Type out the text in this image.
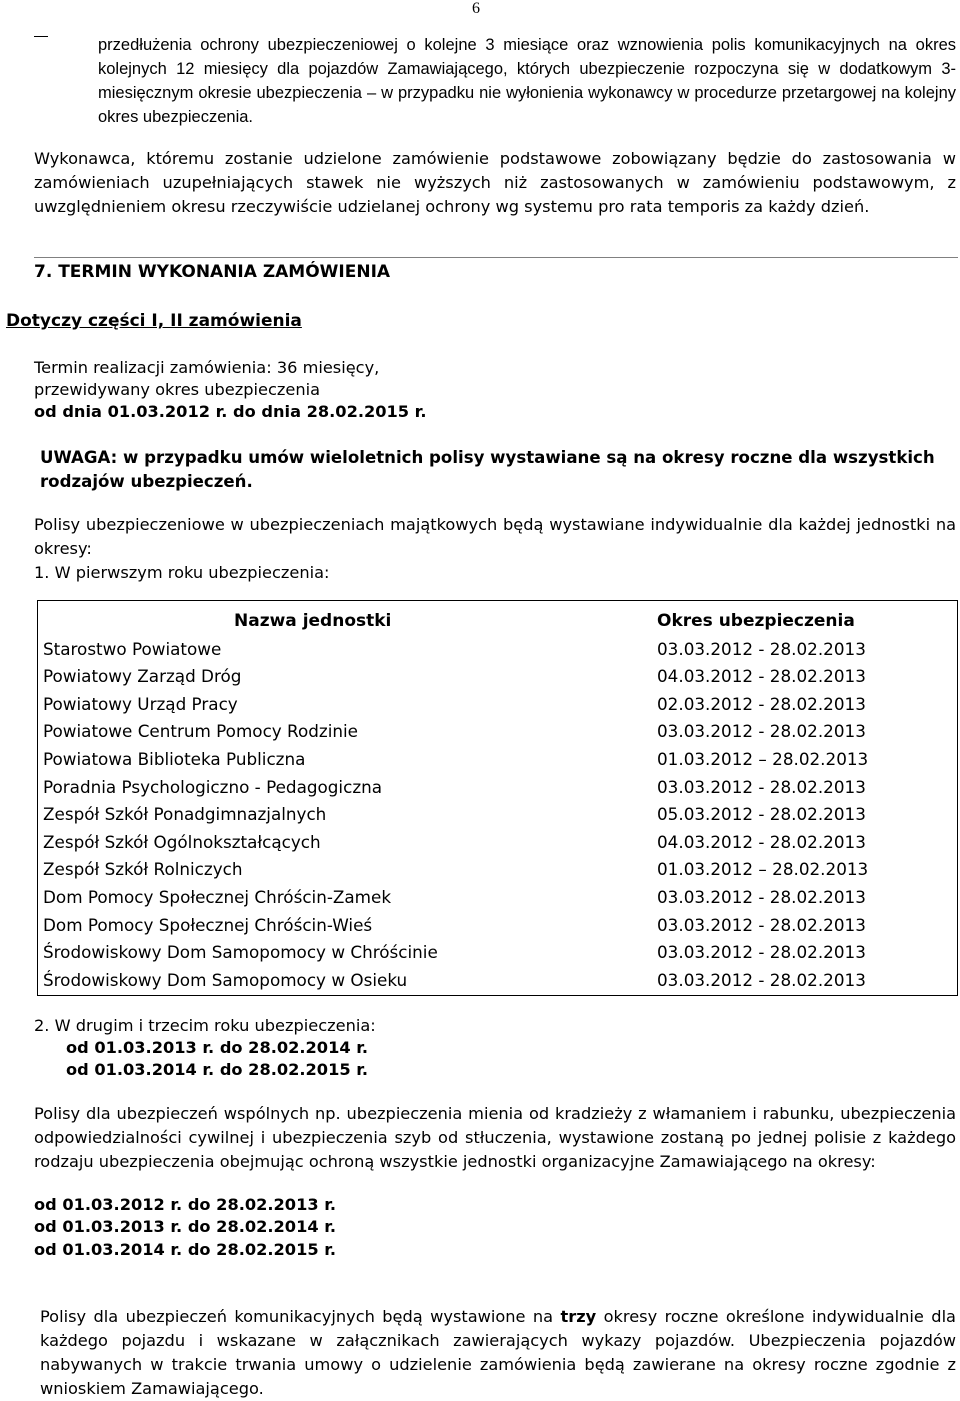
6
przedłużenia ochrony ubezpieczeniowej o kolejne 3 miesiące oraz wznowienia polis komunikacyjnych na okres kolejnych 12 miesięcy dla pojazdów Zamawiającego, których ubezpieczenie rozpoczyna się w dodatkowym 3-miesięcznym okresie ubezpieczenia – w przypadku nie wyłonienia wykonawcy w procedurze przetargowej na kolejny okres ubezpieczenia.
Wykonawca, któremu zostanie udzielone zamówienie podstawowe zobowiązany będzie do zastosowania w zamówieniach uzupełniających stawek nie wyższych niż zastosowanych w zamówieniu podstawowym, z uwzględnieniem okresu rzeczywiście udzielanej ochrony wg systemu pro rata temporis za każdy dzień.
7. TERMIN WYKONANIA ZAMÓWIENIA
Dotyczy części I, II zamówienia
Termin realizacji zamówienia: 36 miesięcy,
przewidywany okres ubezpieczenia
od dnia 01.03.2012 r. do dnia 28.02.2015 r.
UWAGA: w przypadku umów wieloletnich polisy wystawiane są na okresy roczne dla wszystkich rodzajów ubezpieczeń.
Polisy ubezpieczeniowe w ubezpieczeniach majątkowych będą wystawiane indywidualnie dla każdej jednostki na okresy:
1. W pierwszym roku ubezpieczenia:
Nazwa jednostki	Okres ubezpieczenia
Starostwo Powiatowe	03.03.2012 - 28.02.2013
Powiatowy Zarząd Dróg	04.03.2012 - 28.02.2013
Powiatowy Urząd Pracy	02.03.2012 - 28.02.2013
Powiatowe Centrum Pomocy Rodzinie	03.03.2012 - 28.02.2013
Powiatowa Biblioteka Publiczna	01.03.2012 – 28.02.2013
Poradnia Psychologiczno - Pedagogiczna	03.03.2012 - 28.02.2013
Zespół Szkół Ponadgimnazjalnych	05.03.2012 - 28.02.2013
Zespół Szkół Ogólnokształcących	04.03.2012 - 28.02.2013
Zespół Szkół Rolniczych	01.03.2012 – 28.02.2013
Dom Pomocy Społecznej Chróścin-Zamek	03.03.2012 - 28.02.2013
Dom Pomocy Społecznej Chróścin-Wieś	03.03.2012 - 28.02.2013
Środowiskowy Dom Samopomocy w Chróścinie	03.03.2012 - 28.02.2013
Środowiskowy Dom Samopomocy w Osieku	03.03.2012 - 28.02.2013
2. W drugim i trzecim roku ubezpieczenia:
od 01.03.2013 r. do 28.02.2014 r.
od 01.03.2014 r. do 28.02.2015 r.
Polisy dla ubezpieczeń wspólnych np. ubezpieczenia mienia od kradzieży z włamaniem i rabunku, ubezpieczenia odpowiedzialności cywilnej i ubezpieczenia szyb od stłuczenia, wystawione zostaną po jednej polisie z każdego rodzaju ubezpieczenia obejmując ochroną wszystkie jednostki organizacyjne Zamawiającego na okresy:
od 01.03.2012 r. do 28.02.2013 r.
od 01.03.2013 r. do 28.02.2014 r.
od 01.03.2014 r. do 28.02.2015 r.
Polisy dla ubezpieczeń komunikacyjnych będą wystawione na trzy okresy roczne określone indywidualnie dla każdego pojazdu i wskazane w załącznikach zawierających wykazy pojazdów. Ubezpieczenia pojazdów nabywanych w trakcie trwania umowy o udzielenie zamówienia będą zawierane na okresy roczne zgodnie z wnioskiem Zamawiającego.
